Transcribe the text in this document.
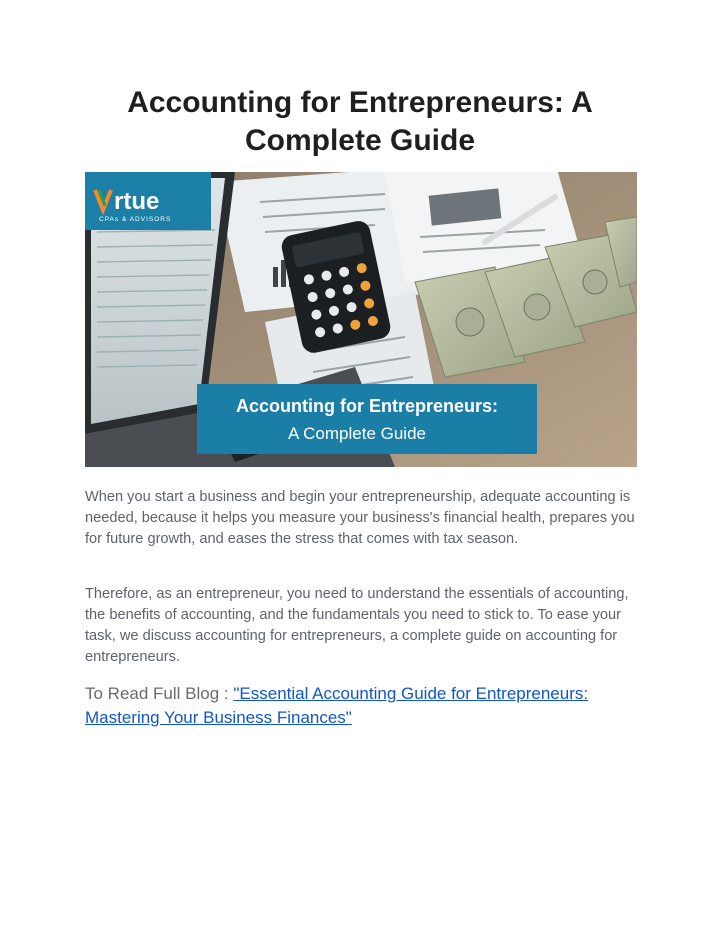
Accounting for Entrepreneurs: A
Complete Guide
rtue
CPAs & ADVISORS
Accounting for Entrepreneurs:
A Complete Guide

When you start a business and begin your entrepreneurship, adequate accounting is needed, because it helps you measure your business's financial health, prepares you for future growth, and eases the stress that comes with tax season.

Therefore, as an entrepreneur, you need to understand the essentials of accounting, the benefits of accounting, and the fundamentals you need to stick to. To ease your task, we discuss accounting for entrepreneurs, a complete guide on accounting for entrepreneurs.

To Read Full Blog : "Essential Accounting Guide for Entrepreneurs: Mastering Your Business Finances"
